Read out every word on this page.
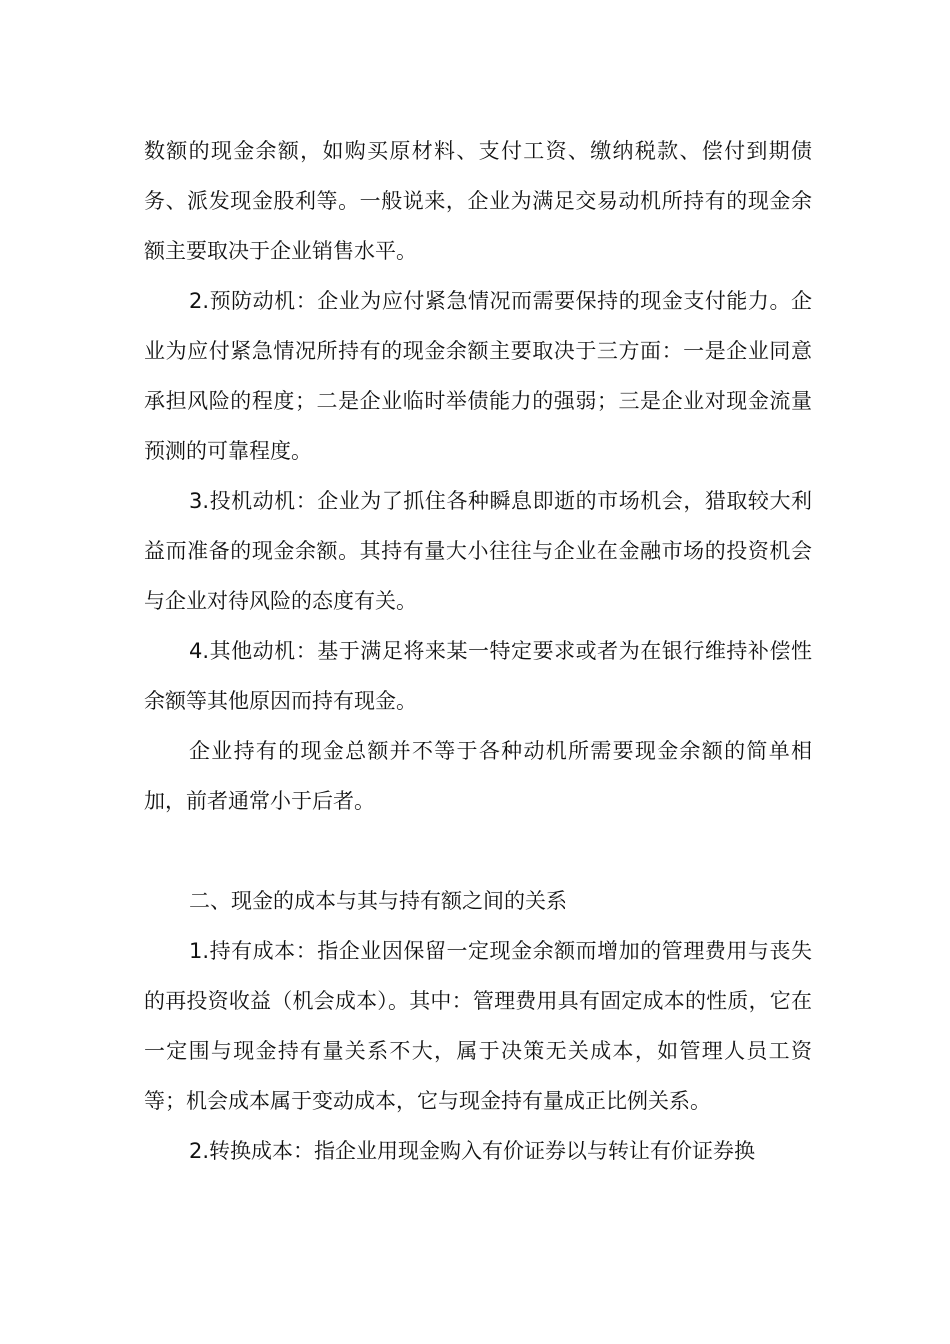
数额的现金余额，如购买原材料、支付工资、缴纳税款、偿付到期债务、派发现金股利等。一般说来，企业为满足交易动机所持有的现金余额主要取决于企业销售水平。

2.预防动机：企业为应付紧急情况而需要保持的现金支付能力。企业为应付紧急情况所持有的现金余额主要取决于三方面：一是企业同意承担风险的程度；二是企业临时举债能力的强弱；三是企业对现金流量预测的可靠程度。

3.投机动机：企业为了抓住各种瞬息即逝的市场机会，猎取较大利益而准备的现金余额。其持有量大小往往与企业在金融市场的投资机会与企业对待风险的态度有关。

4.其他动机：基于满足将来某一特定要求或者为在银行维持补偿性余额等其他原因而持有现金。

企业持有的现金总额并不等于各种动机所需要现金余额的简单相加，前者通常小于后者。

二、现金的成本与其与持有额之间的关系

1.持有成本：指企业因保留一定现金余额而增加的管理费用与丧失的再投资收益（机会成本）。其中：管理费用具有固定成本的性质，它在一定围与现金持有量关系不大，属于决策无关成本，如管理人员工资等；机会成本属于变动成本，它与现金持有量成正比例关系。

2.转换成本：指企业用现金购入有价证券以与转让有价证券换
